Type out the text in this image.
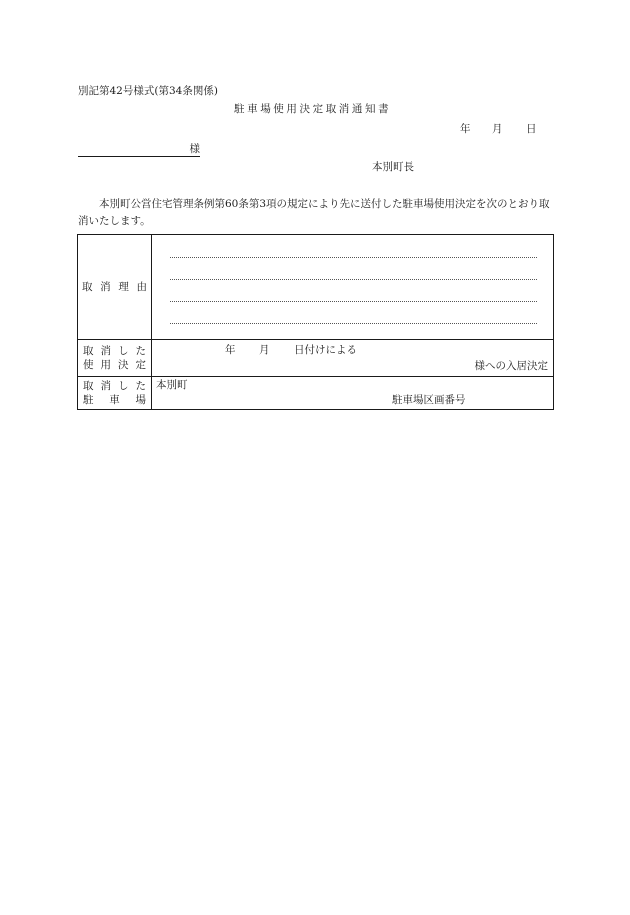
別記第42号様式(第34条関係)
駐車場使用決定取消通知書
年	月	日
様
本別町長
本別町公営住宅管理条例第60条第3項の規定により先に送付した駐車場使用決定を次のとおり取消いたします。
取 消 理 由	

取消した
使用決定	年 月 日付けによる
様への入居決定

取消した
駐車場	本別町
駐車場区画番号
